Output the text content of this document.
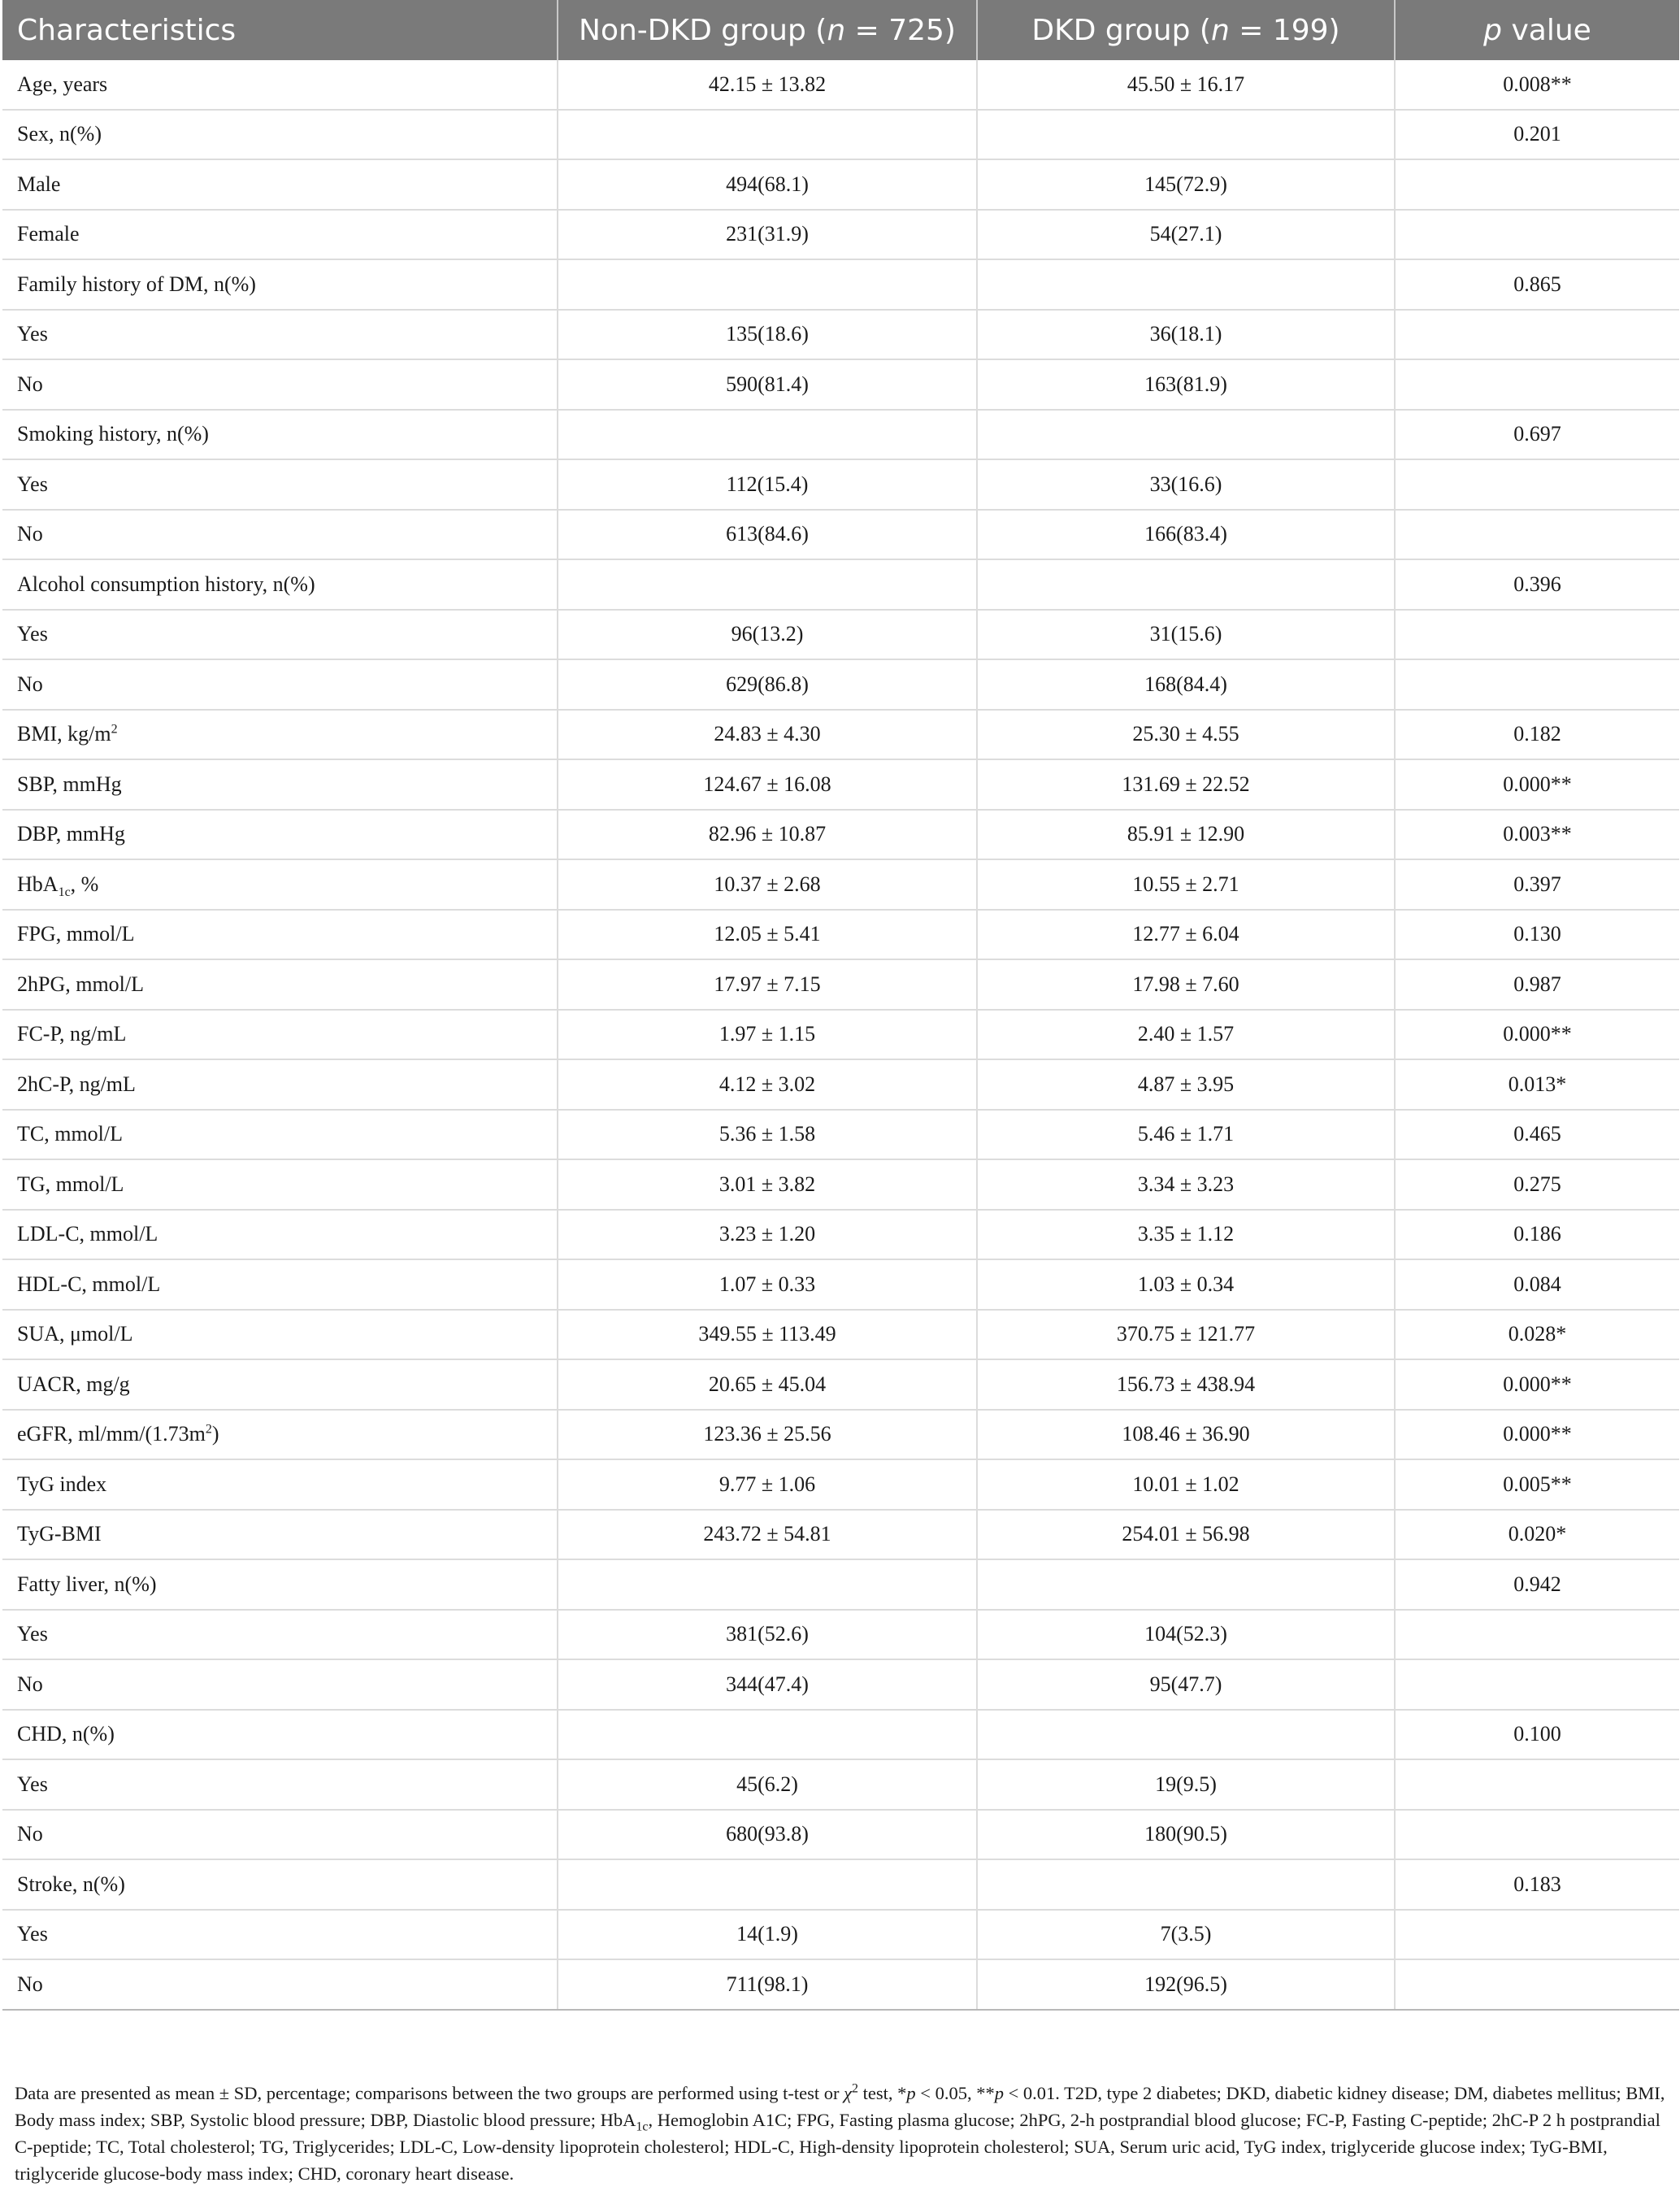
Characteristics	Non-DKD group (n = 725)	DKD group (n = 199)	p value
Age, years	42.15 ± 13.82	45.50 ± 16.17	0.008**
Sex, n(%)			0.201
Male	494(68.1)	145(72.9)	
Female	231(31.9)	54(27.1)	
Family history of DM, n(%)			0.865
Yes	135(18.6)	36(18.1)	
No	590(81.4)	163(81.9)	
Smoking history, n(%)			0.697
Yes	112(15.4)	33(16.6)	
No	613(84.6)	166(83.4)	
Alcohol consumption history, n(%)			0.396
Yes	96(13.2)	31(15.6)	
No	629(86.8)	168(84.4)	
BMI, $kg/m^2$	24.83 ± 4.30	25.30 ± 4.55	0.182
SBP, mmHg	124.67 ± 16.08	131.69 ± 22.52	0.000**
DBP, mmHg	82.96 ± 10.87	85.91 ± 12.90	0.003**
HbA$_{1c}$, %	10.37 ± 2.68	10.55 ± 2.71	0.397
FPG, mmol/L	12.05 ± 5.41	12.77 ± 6.04	0.130
2hPG, mmol/L	17.97 ± 7.15	17.98 ± 7.60	0.987
FC-P, ng/mL	1.97 ± 1.15	2.40 ± 1.57	0.000**
2hC-P, ng/mL	4.12 ± 3.02	4.87 ± 3.95	0.013*
TC, mmol/L	5.36 ± 1.58	5.46 ± 1.71	0.465
TG, mmol/L	3.01 ± 3.82	3.34 ± 3.23	0.275
LDL-C, mmol/L	3.23 ± 1.20	3.35 ± 1.12	0.186
HDL-C, mmol/L	1.07 ± 0.33	1.03 ± 0.34	0.084
SUA, μmol/L	349.55 ± 113.49	370.75 ± 121.77	0.028*
UACR, mg/g	20.65 ± 45.04	156.73 ± 438.94	0.000**
eGFR, $ml/mm/(1.73m^2)$	123.36 ± 25.56	108.46 ± 36.90	0.000**
TyG index	9.77 ± 1.06	10.01 ± 1.02	0.005**
TyG-BMI	243.72 ± 54.81	254.01 ± 56.98	0.020*
Fatty liver, n(%)			0.942
Yes	381(52.6)	104(52.3)	
No	344(47.4)	95(47.7)	
CHD, n(%)			0.100
Yes	45(6.2)	19(9.5)	
No	680(93.8)	180(90.5)	
Stroke, n(%)			0.183
Yes	14(1.9)	7(3.5)	
No	711(98.1)	192(96.5)	
Data are presented as mean ± SD, percentage; comparisons between the two groups are performed using t-test or $\chi^2$ test, *p < 0.05, **p < 0.01. T2D, type 2 diabetes; DKD, diabetic kidney disease; DM, diabetes mellitus; BMI, Body mass index; SBP, Systolic blood pressure; DBP, Diastolic blood pressure; HbA$_{1c}$, Hemoglobin A1C; FPG, Fasting plasma glucose; 2hPG, 2-h postprandial blood glucose; FC-P, Fasting C-peptide; 2hC-P 2 h postprandial C-peptide; TC, Total cholesterol; TG, Triglycerides; LDL-C, Low-density lipoprotein cholesterol; HDL-C, High-density lipoprotein cholesterol; SUA, Serum uric acid, TyG index, triglyceride glucose index; TyG-BMI, triglyceride glucose-body mass index; CHD, coronary heart disease.
